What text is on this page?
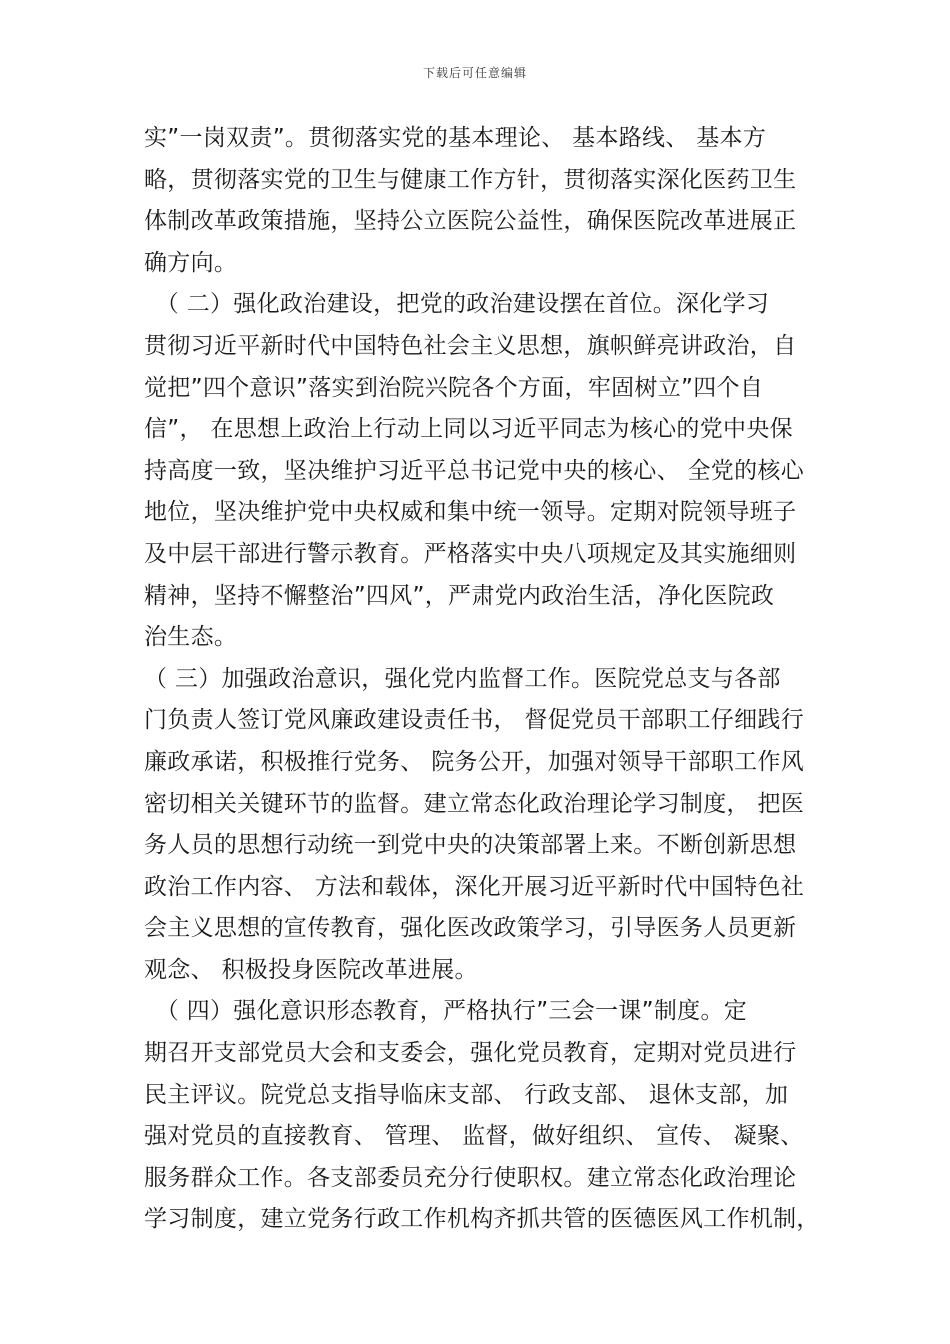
下载后可任意编辑
实”一岗双责”。贯彻落实党的基本理论、 基本路线、 基本方
略，贯彻落实党的卫生与健康工作方针，贯彻落实深化医药卫生
体制改革政策措施，坚持公立医院公益性，确保医院改革进展正
确方向。
　（ 二）强化政治建设，把党的政治建设摆在首位。深化学习
贯彻习近平新时代中国特色社会主义思想，旗帜鲜亮讲政治，自
觉把”四个意识”落实到治院兴院各个方面，牢固树立”四个自
信”， 在思想上政治上行动上同以习近平同志为核心的党中央保
持高度一致，坚决维护习近平总书记党中央的核心、 全党的核心
地位，坚决维护党中央权威和集中统一领导。定期对院领导班子
及中层干部进行警示教育。严格落实中央八项规定及其实施细则
精神，坚持不懈整治”四风”，严肃党内政治生活，净化医院政
治生态。
（ 三）加强政治意识，强化党内监督工作。医院党总支与各部
门负责人签订党风廉政建设责任书， 督促党员干部职工仔细践行
廉政承诺，积极推行党务、 院务公开，加强对领导干部职工作风
密切相关关键环节的监督。建立常态化政治理论学习制度， 把医
务人员的思想行动统一到党中央的决策部署上来。不断创新思想
政治工作内容、 方法和载体，深化开展习近平新时代中国特色社
会主义思想的宣传教育，强化医改政策学习，引导医务人员更新
观念、 积极投身医院改革进展。
　（ 四）强化意识形态教育，严格执行”三会一课”制度。定
期召开支部党员大会和支委会，强化党员教育，定期对党员进行
民主评议。院党总支指导临床支部、 行政支部、 退休支部，加
强对党员的直接教育、 管理、 监督，做好组织、 宣传、 凝聚、
服务群众工作。各支部委员充分行使职权。建立常态化政治理论
学习制度，建立党务行政工作机构齐抓共管的医德医风工作机制，
